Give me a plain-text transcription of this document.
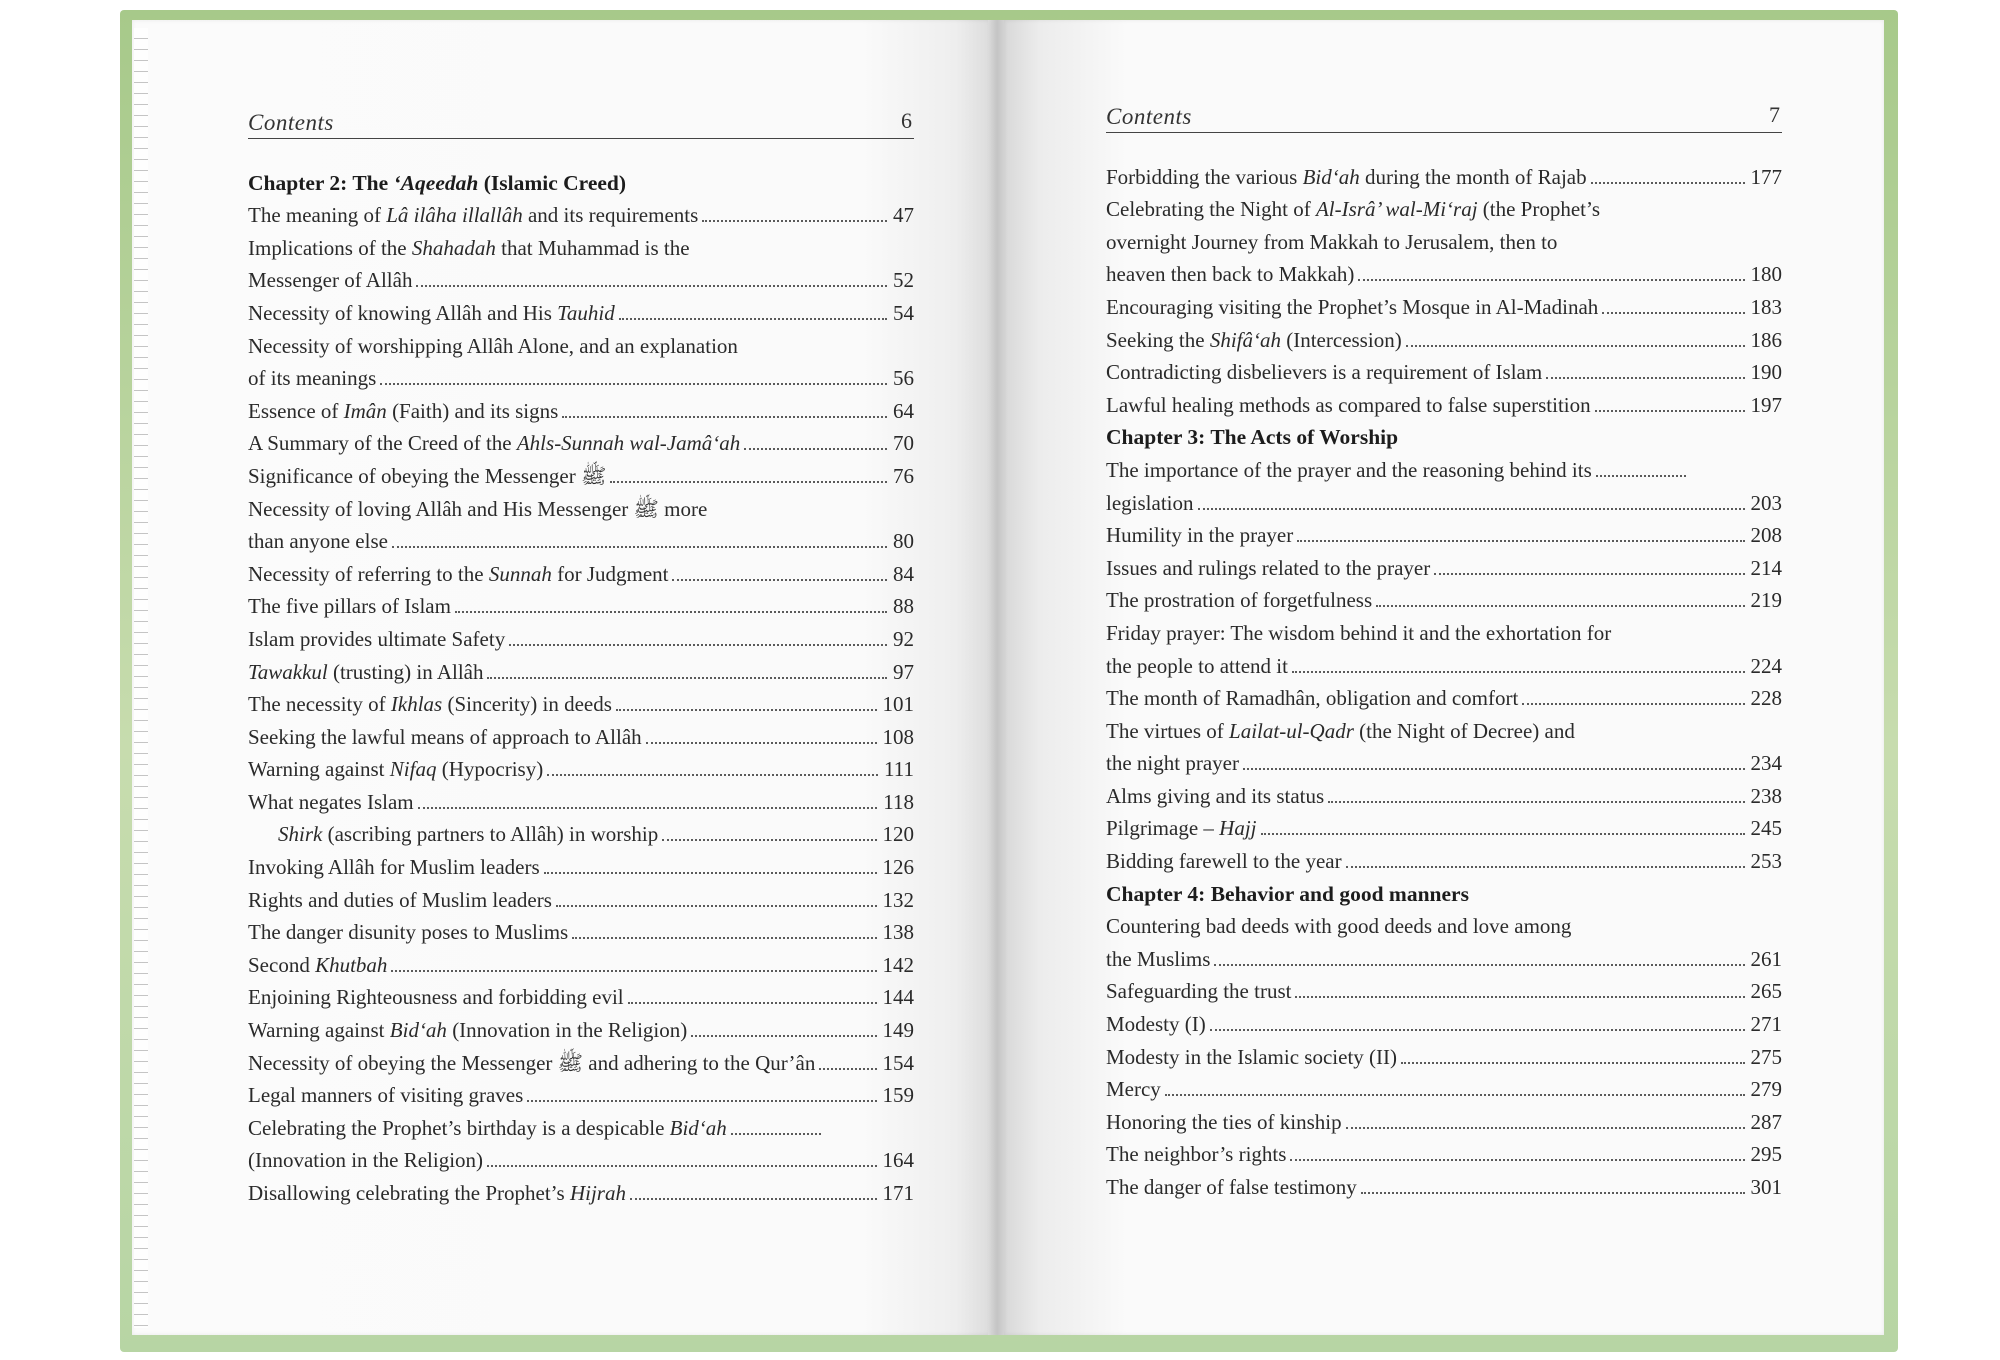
Contents	6	Contents	7
Chapter 2: The ‘Aqeedah (Islamic Creed)
The meaning of Lâ ilâha illallâh and its requirements	47
Implications of the Shahadah that Muhammad is the
Messenger of Allâh	52
Necessity of knowing Allâh and His Tauhid	54
Necessity of worshipping Allâh Alone, and an explanation
of its meanings	56
Essence of Imân (Faith) and its signs	64
A Summary of the Creed of the Ahls-Sunnah wal-Jamâ‘ah	70
Significance of obeying the Messenger ﷺ	76
Necessity of loving Allâh and His Messenger ﷺ more
than anyone else	80
Necessity of referring to the Sunnah for Judgment	84
The five pillars of Islam	88
Islam provides ultimate Safety	92
Tawakkul (trusting) in Allâh	97
The necessity of Ikhlas (Sincerity) in deeds	101
Seeking the lawful means of approach to Allâh	108
Warning against Nifaq (Hypocrisy)	111
What negates Islam	118
Shirk (ascribing partners to Allâh) in worship	120
Invoking Allâh for Muslim leaders	126
Rights and duties of Muslim leaders	132
The danger disunity poses to Muslims	138
Second Khutbah	142
Enjoining Righteousness and forbidding evil	144
Warning against Bid‘ah (Innovation in the Religion)	149
Necessity of obeying the Messenger ﷺ and adhering to the Qur’ân	154
Legal manners of visiting graves	159
Celebrating the Prophet’s birthday is a despicable Bid‘ah
(Innovation in the Religion)	164
Disallowing celebrating the Prophet’s Hijrah	171
Forbidding the various Bid‘ah during the month of Rajab	177
Celebrating the Night of Al-Isrâ’ wal-Mi‘raj (the Prophet’s
overnight Journey from Makkah to Jerusalem, then to
heaven then back to Makkah)	180
Encouraging visiting the Prophet’s Mosque in Al-Madinah	183
Seeking the Shifâ‘ah (Intercession)	186
Contradicting disbelievers is a requirement of Islam	190
Lawful healing methods as compared to false superstition	197
Chapter 3: The Acts of Worship
The importance of the prayer and the reasoning behind its
legislation	203
Humility in the prayer	208
Issues and rulings related to the prayer	214
The prostration of forgetfulness	219
Friday prayer: The wisdom behind it and the exhortation for
the people to attend it	224
The month of Ramadhân, obligation and comfort	228
The virtues of Lailat-ul-Qadr (the Night of Decree) and
the night prayer	234
Alms giving and its status	238
Pilgrimage – Hajj	245
Bidding farewell to the year	253
Chapter 4: Behavior and good manners
Countering bad deeds with good deeds and love among
the Muslims	261
Safeguarding the trust	265
Modesty (I)	271
Modesty in the Islamic society (II)	275
Mercy	279
Honoring the ties of kinship	287
The neighbor’s rights	295
The danger of false testimony	301
